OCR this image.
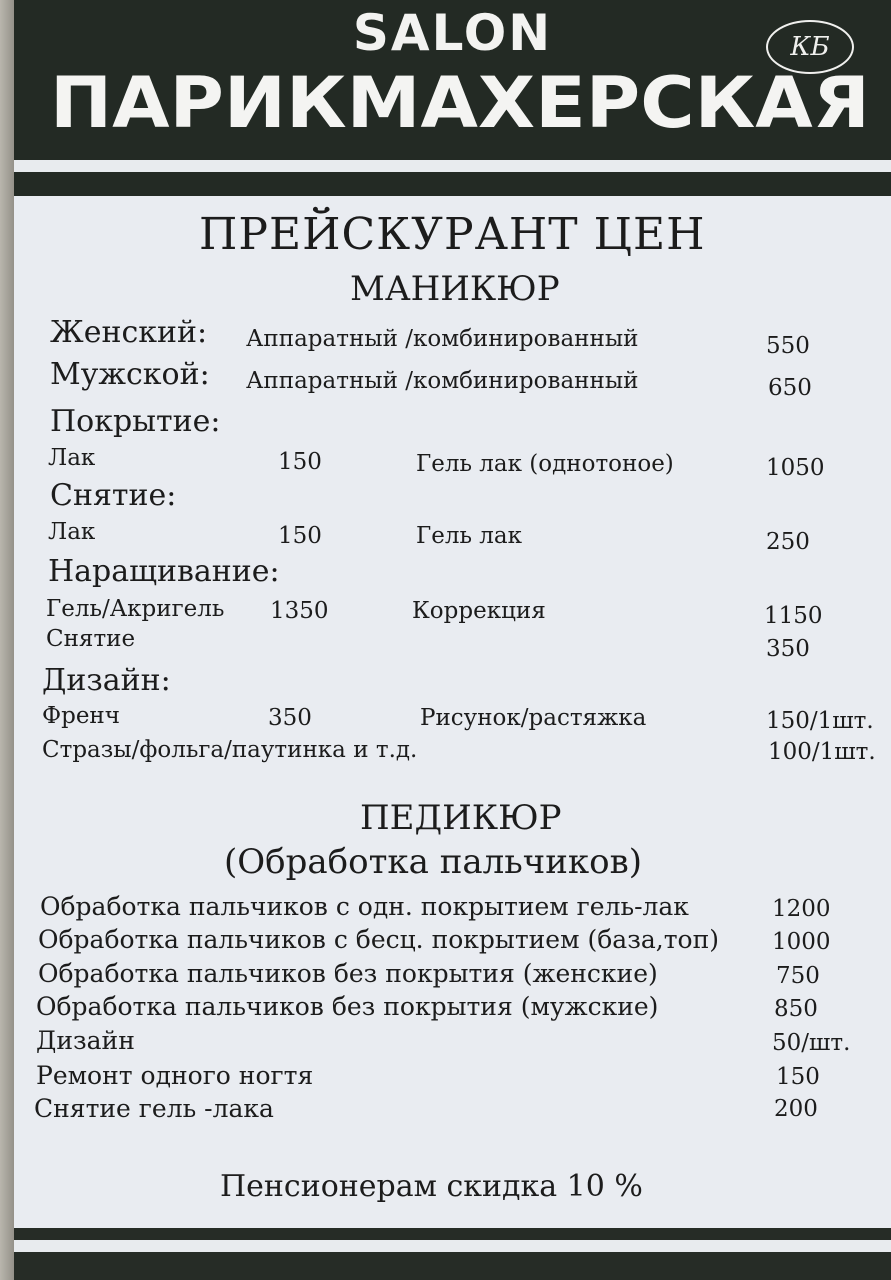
SALON
ПАРИКМАХЕРСКАЯ
КБ
ПРЕЙСКУРАНТ ЦЕН
МАНИКЮР
Женский: Аппаратный /комбинированный	550
Мужской: Аппаратный /комбинированный	650
Покрытие:
Лак	150	Гель лак (однотоное)	1050
Снятие:
Лак	150	Гель лак	250
Наращивание:
Гель/Акригель 1350	Коррекция	1150
Снятие	350
Дизайн:
Френч	350	Рисунок/растяжка	150/1шт.
Стразы/фольга/паутинка и т.д.	100/1шт.
ПЕДИКЮР
(Обработка пальчиков)
Обработка пальчиков с одн. покрытием гель-лак	1200
Обработка пальчиков с бесц. покрытием (база,топ) 1000
Обработка пальчиков без покрытия (женские)	750
Обработка пальчиков без покрытия (мужские)	850
Дизайн	50/шт.
Ремонт одного ногтя	150
Снятие гель -лака	200
Пенсионерам скидка 10 %
